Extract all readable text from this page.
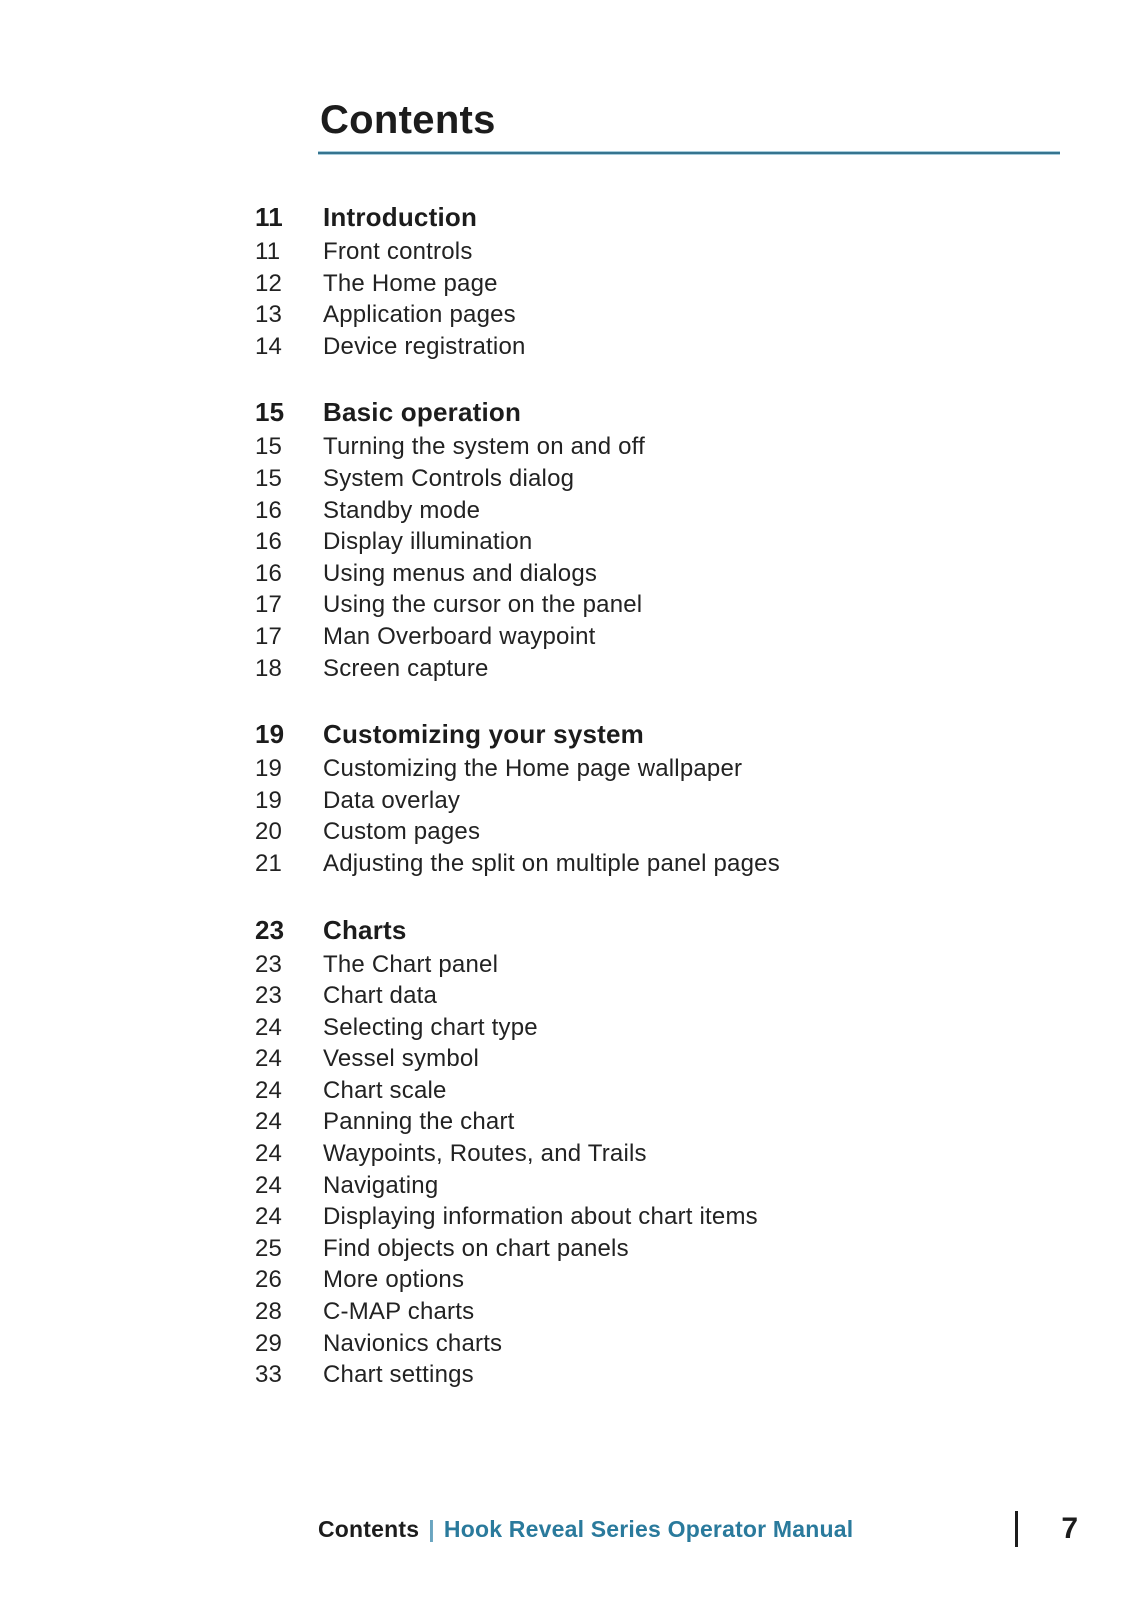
Contents
11	Introduction
11	Front controls
12	The Home page
13	Application pages
14	Device registration
15	Basic operation
15	Turning the system on and off
15	System Controls dialog
16	Standby mode
16	Display illumination
16	Using menus and dialogs
17	Using the cursor on the panel
17	Man Overboard waypoint
18	Screen capture
19	Customizing your system
19	Customizing the Home page wallpaper
19	Data overlay
20	Custom pages
21	Adjusting the split on multiple panel pages
23	Charts
23	The Chart panel
23	Chart data
24	Selecting chart type
24	Vessel symbol
24	Chart scale
24	Panning the chart
24	Waypoints, Routes, and Trails
24	Navigating
24	Displaying information about chart items
25	Find objects on chart panels
26	More options
28	C-MAP charts
29	Navionics charts
33	Chart settings
Contents | Hook Reveal Series Operator Manual	7
